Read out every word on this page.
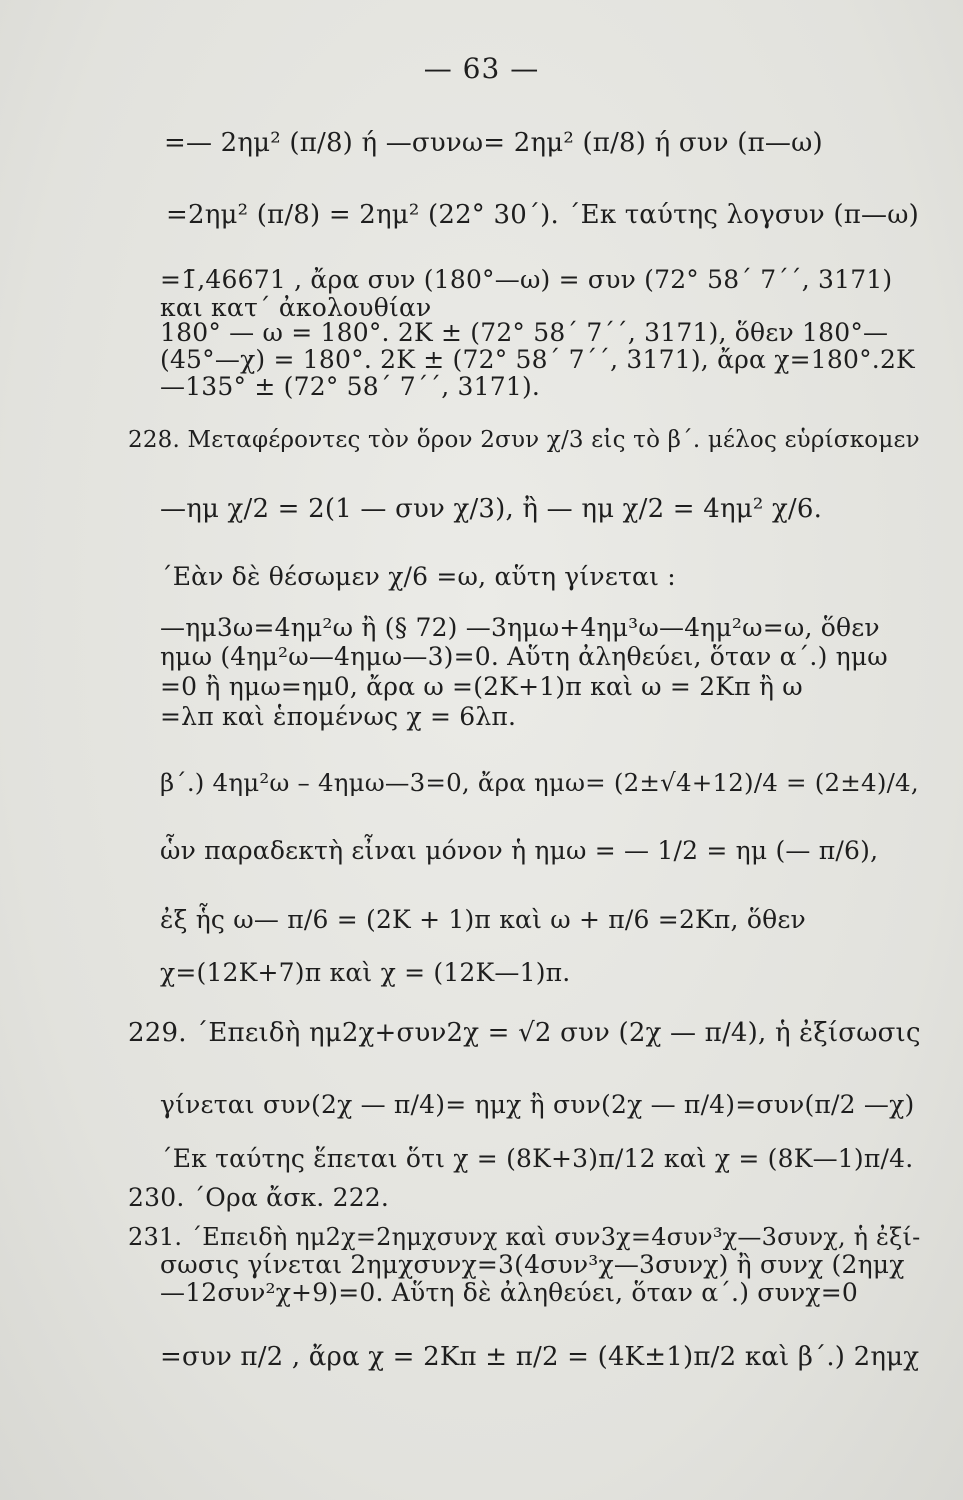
— 63 —
=— 2ημ² (π/8) ή —συνω= 2ημ² (π/8) ή συν (π—ω)
=2ημ² (π/8) = 2ημ² (22° 30΄). ΄Εκ ταύτης λογσυν (π—ω)
=1̄,46671 , ἄρα συν (180°—ω) = συν (72° 58΄ 7΄΄, 3171)
και κατ΄ ἀκολουθίαν
180° — ω = 180°. 2Κ ± (72° 58΄ 7΄΄, 3171), ὅθεν 180°—
(45°—χ) = 180°. 2Κ ± (72° 58΄ 7΄΄, 3171), ἄρα χ=180°.2Κ
—135° ± (72° 58΄ 7΄΄, 3171).
228. Μεταφέροντες τὸν ὅρον 2συν χ/3 εἰς τὸ β΄. μέλος εὑρίσκομεν
—ημ χ/2 = 2(1 — συν χ/3), ἢ — ημ χ/2 = 4ημ² χ/6.
΄Εὰν δὲ θέσωμεν χ/6 =ω, αὕτη γίνεται :
—ημ3ω=4ημ²ω ἢ (§ 72) —3ημω+4ημ³ω—4ημ²ω=ω, ὅθεν
ημω (4ημ²ω—4ημω—3)=0. Αὕτη ἀληθεύει, ὅταν α΄.) ημω
=0 ἢ ημω=ημ0, ἄρα ω =(2Κ+1)π καὶ ω = 2Κπ ἢ ω
=λπ καὶ ἑπομένως χ = 6λπ.
β΄.) 4ημ²ω – 4ημω—3=0, ἄρα ημω= (2±√4+12)/4 = (2±4)/4,
ὧν παραδεκτὴ εἶναι μόνον ἡ ημω = — 1/2 = ημ (— π/6),
ἐξ ἧς ω— π/6 = (2Κ + 1)π καὶ ω + π/6 =2Κπ, ὅθεν
χ=(12Κ+7)π καὶ χ = (12Κ—1)π.
229. ΄Επειδὴ ημ2χ+συν2χ = √2 συν (2χ — π/4), ἡ ἐξίσωσις
γίνεται συν(2χ — π/4)= ημχ ἢ συν(2χ — π/4)=συν(π/2 —χ)
΄Εκ ταύτης ἕπεται ὅτι χ = (8Κ+3)π/12 καὶ χ = (8Κ—1)π/4.
230. ΄Ορα ἄσκ. 222.
231. ΄Επειδὴ ημ2χ=2ημχσυνχ καὶ συν3χ=4συν³χ—3συνχ, ἡ ἐξί-
σωσις γίνεται 2ημχσυνχ=3(4συν³χ—3συνχ) ἢ συνχ (2ημχ
—12συν²χ+9)=0. Αὕτη δὲ ἀληθεύει, ὅταν α΄.) συνχ=0
=συν π/2 , ἄρα χ = 2Κπ ± π/2 = (4Κ±1)π/2 καὶ β΄.) 2ημχ
